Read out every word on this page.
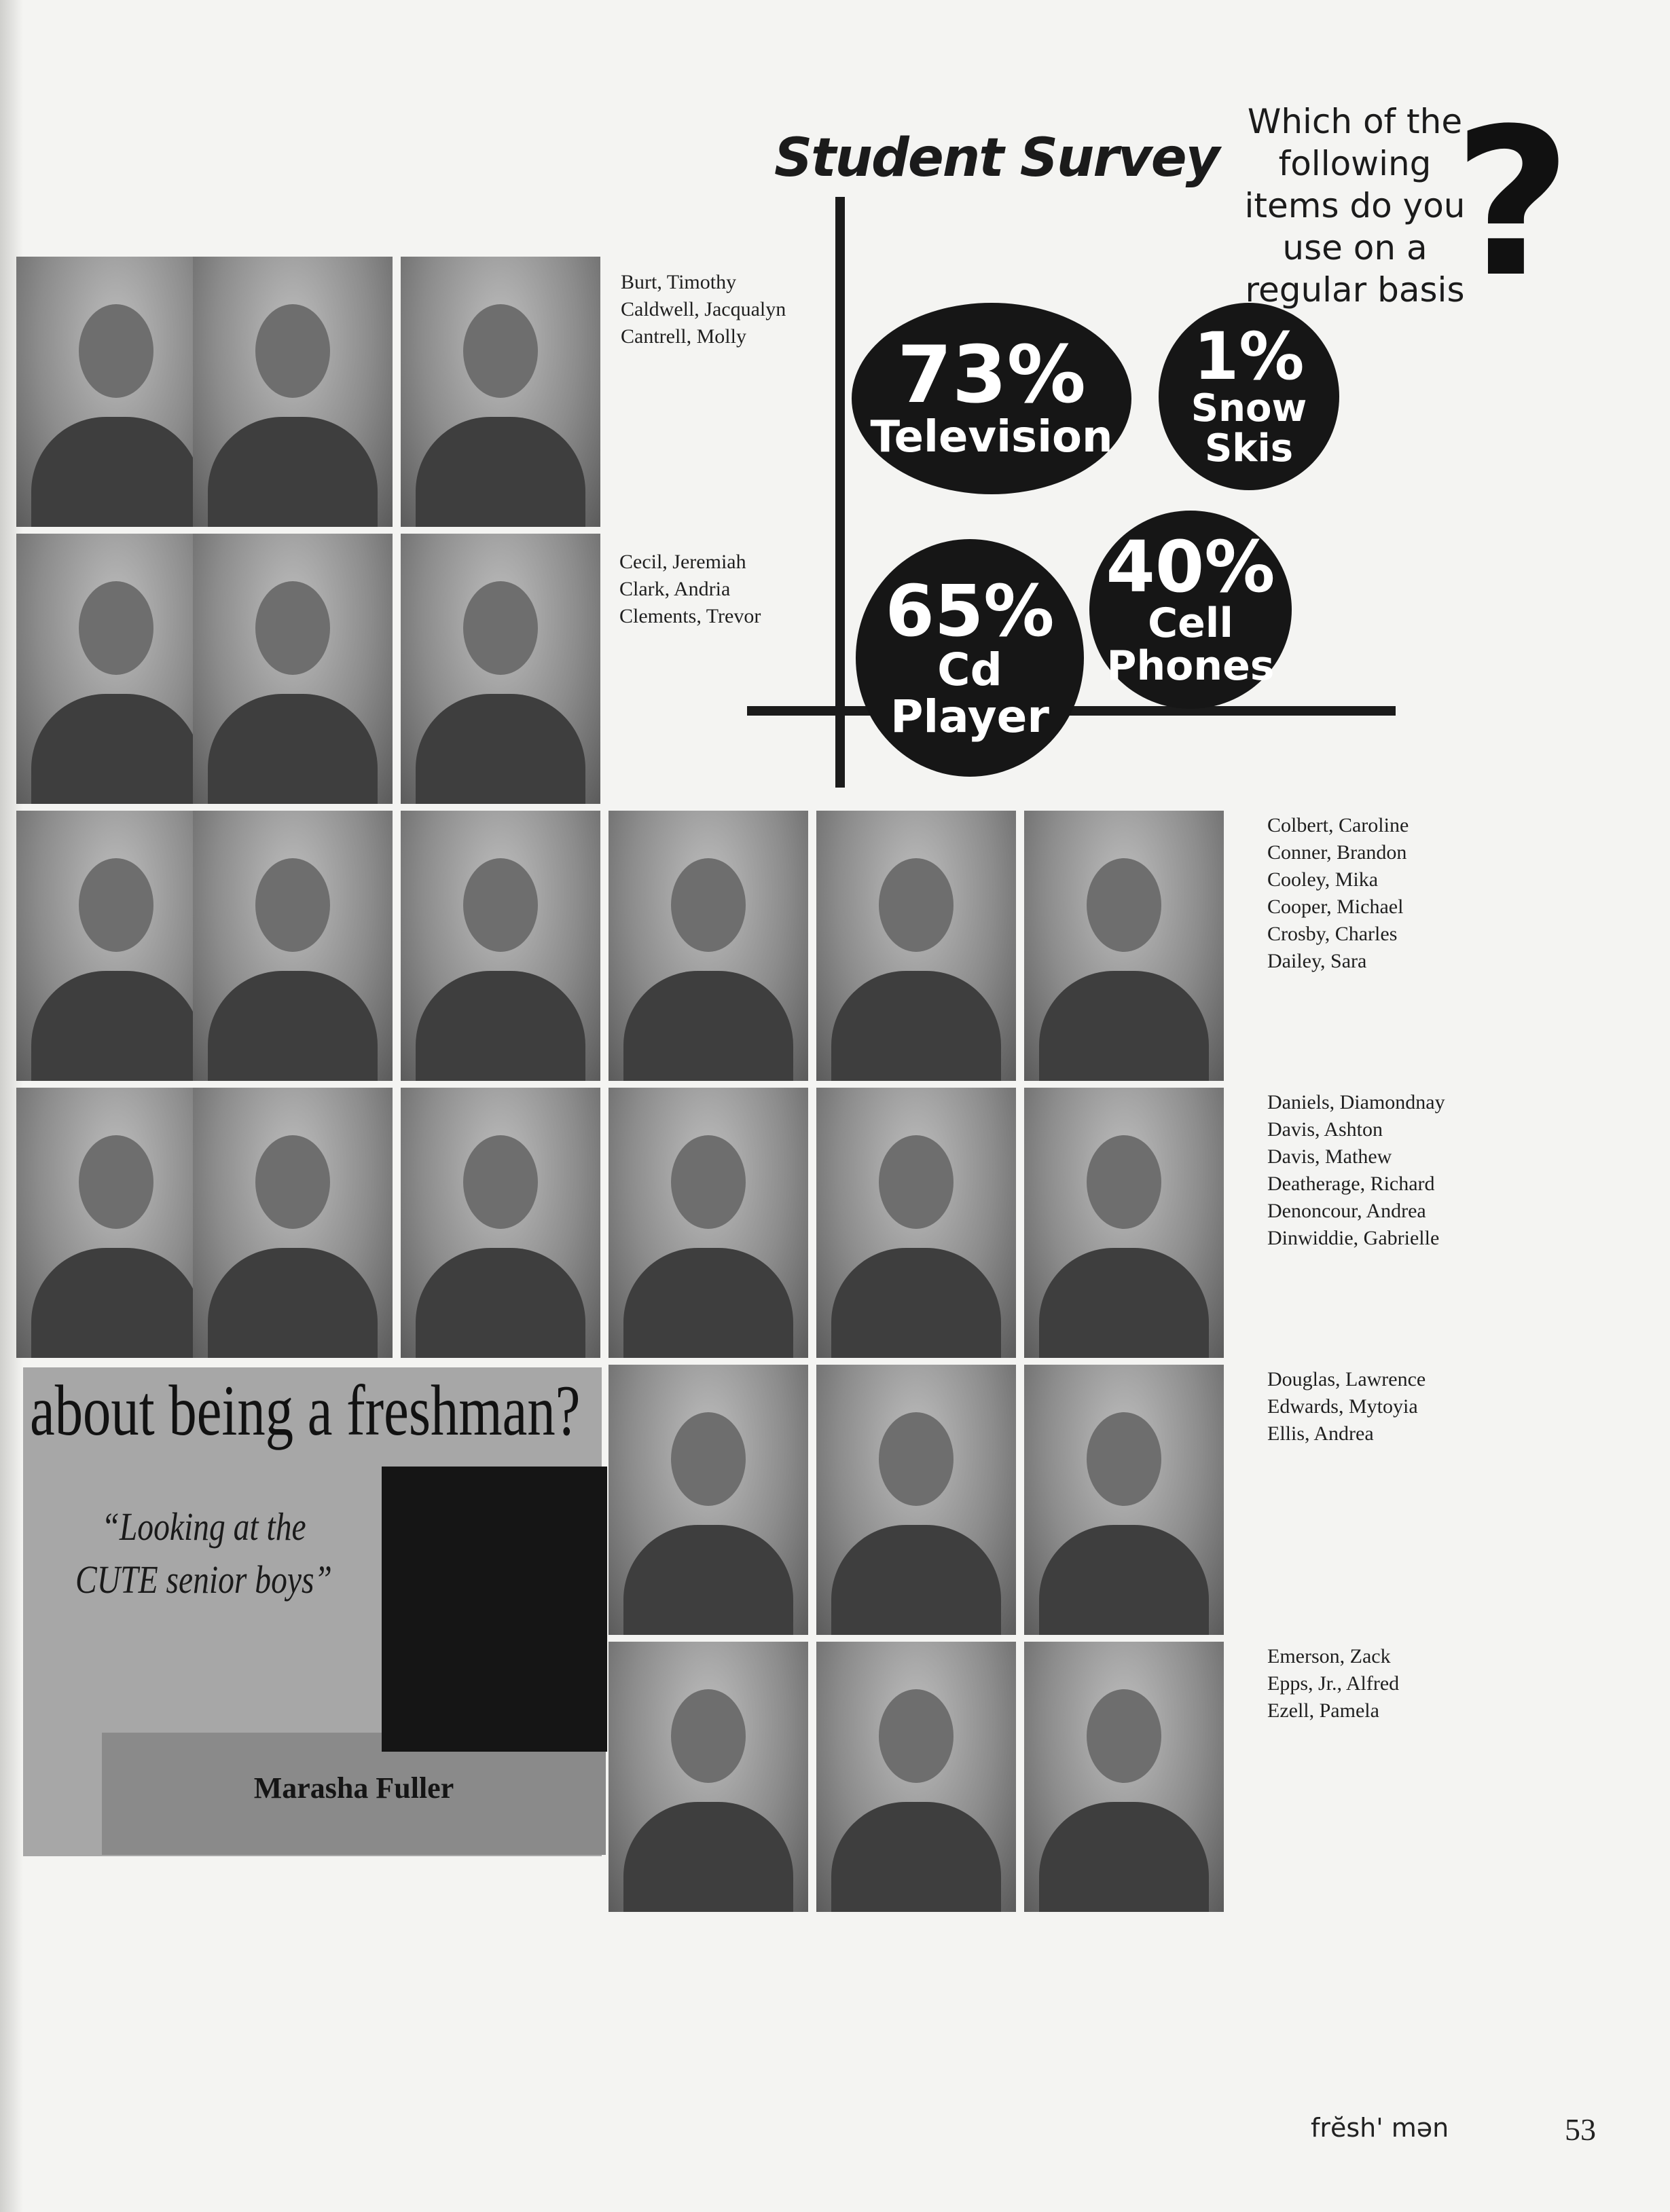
Student Survey
Which of the
following
items do you
use on a
regular basis
?
73%
Television
1%
Snow
Skis
65%
Cd
Player
40%
Cell
Phones
Burt, Timothy
Caldwell, Jacqualyn
Cantrell, Molly
Cecil, Jeremiah
Clark, Andria
Clements, Trevor
Colbert, Caroline
Conner, Brandon
Cooley, Mika
Cooper, Michael
Crosby, Charles
Dailey, Sara
Daniels, Diamondnay
Davis, Ashton
Davis, Mathew
Deatherage, Richard
Denoncour, Andrea
Dinwiddie, Gabrielle
Douglas, Lawrence
Edwards, Mytoyia
Ellis, Andrea
Emerson, Zack
Epps, Jr., Alfred
Ezell, Pamela
about being a freshman?
“Looking at the CUTE senior boys”
Marasha Fuller
frĕsh' mən	53
